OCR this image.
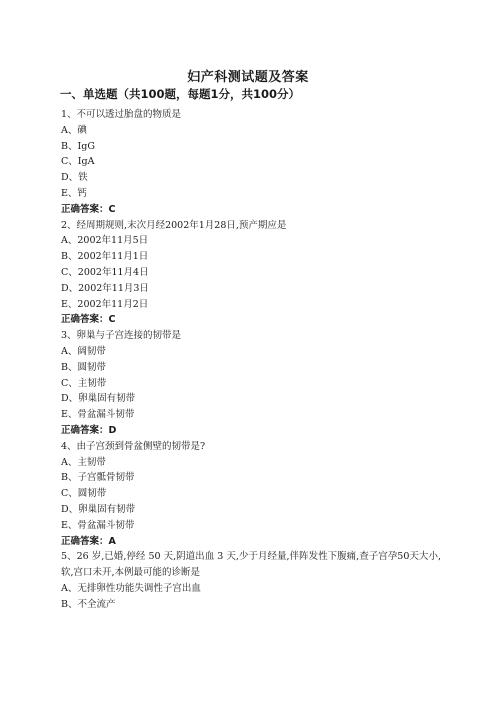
妇产科测试题及答案
一、单选题（共100题，每题1分，共100分）
1、不可以透过胎盘的物质是
A、碘
B、IgG
C、IgA
D、铁
E、钙
正确答案：C
2、经周期规则,末次月经2002年1月28日,预产期应是
A、2002年11月5日
B、2002年11月1日
C、2002年11月4日
D、2002年11月3日
E、2002年11月2日
正确答案：C
3、卵巢与子宫连接的韧带是
A、阔韧带
B、圆韧带
C、主韧带
D、卵巢固有韧带
E、骨盆漏斗韧带
正确答案：D
4、由子宫颈到骨盆侧壁的韧带是?
A、主韧带
B、子宫骶骨韧带
C、圆韧带
D、卵巢固有韧带
E、骨盆漏斗韧带
正确答案：A
5、26 岁,已婚,停经 50 天,阴道出血 3 天,少于月经量,伴阵发性下腹痛,查子宫孕50天大小,软,宫口未开,本例最可能的诊断是
A、无排卵性功能失调性子宫出血
B、不全流产
